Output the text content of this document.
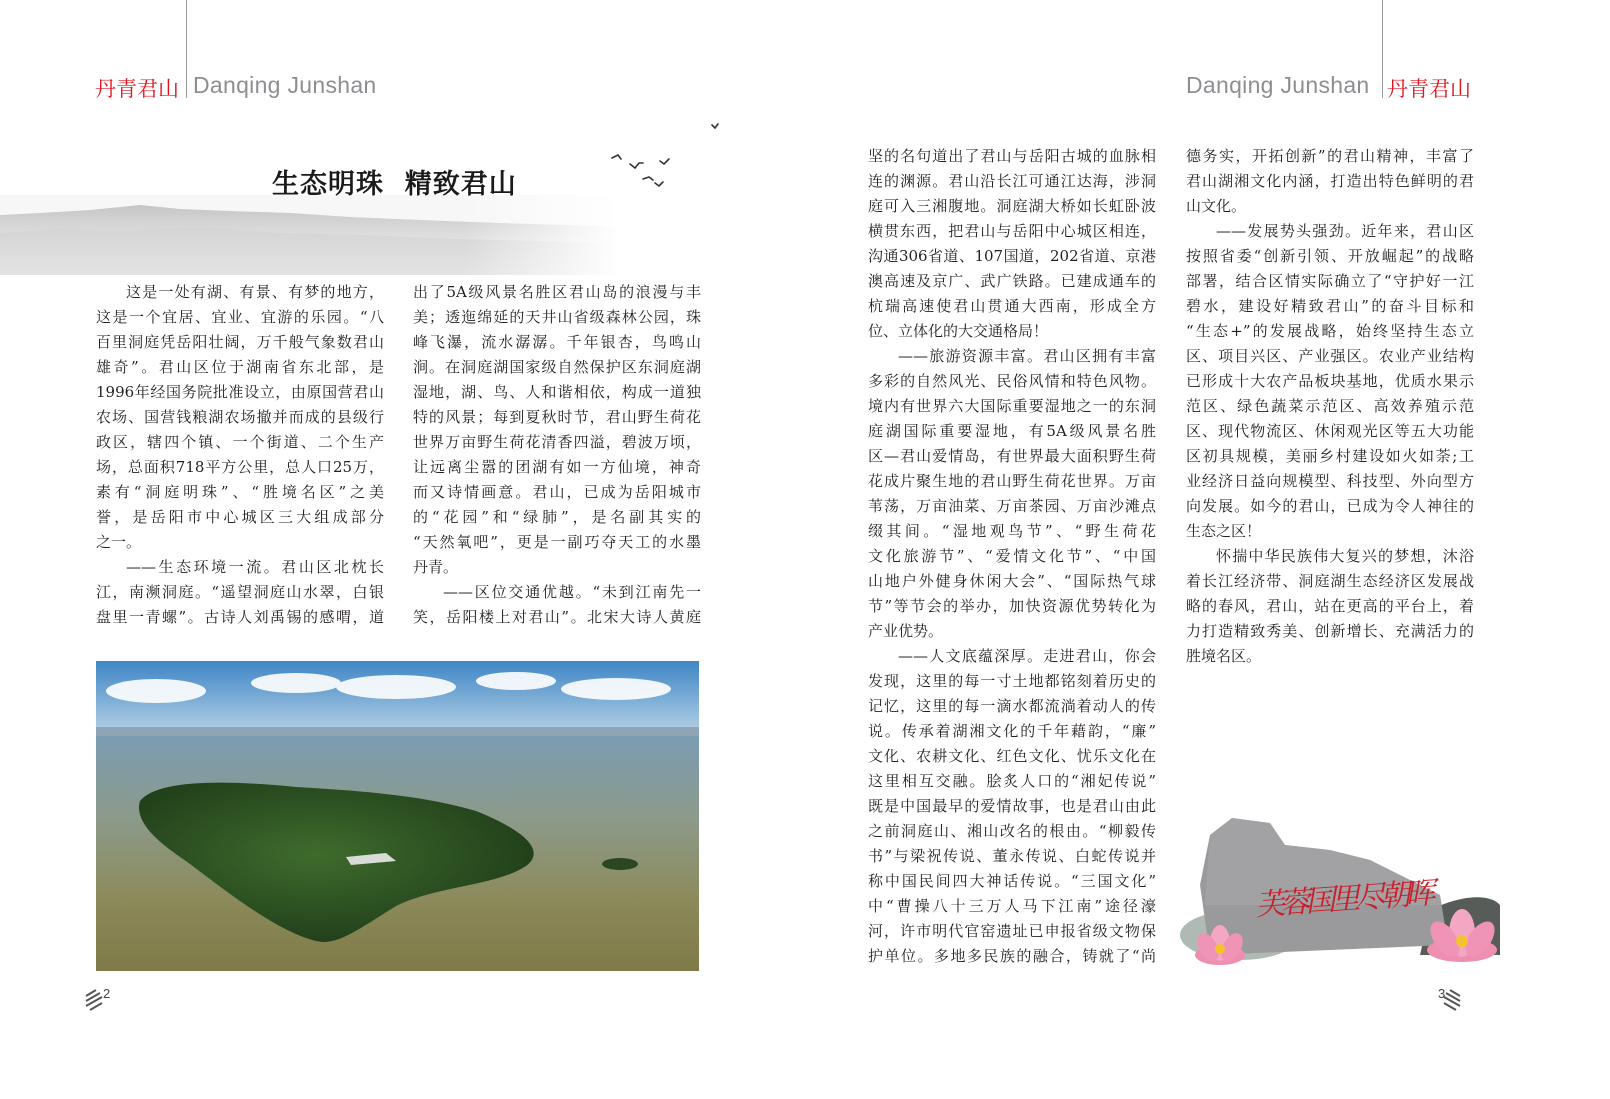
丹青君山 Danqing Junshan	Danqing Junshan 丹青君山
生态明珠  精致君山
这是一处有湖、有景、有梦的地方，
这是一个宜居、宜业、宜游的乐园。“八
百里洞庭凭岳阳壮阔，万千般气象数君山
雄奇”。君山区位于湖南省东北部，是
1996年经国务院批准设立，由原国营君山
农场、国营钱粮湖农场撤并而成的县级行
政区，辖四个镇、一个街道、二个生产
场，总面积718平方公里，总人口25万，
素有“洞庭明珠”、“胜境名区”之美
誉，是岳阳市中心城区三大组成部分
之一。
——生态环境一流。君山区北枕长
江，南濒洞庭。“遥望洞庭山水翠，白银
盘里一青螺”。古诗人刘禹锡的感喟，道
出了5A级风景名胜区君山岛的浪漫与丰
美；透迤绵延的天井山省级森林公园，珠
峰飞瀑，流水潺潺。千年银杏，鸟鸣山
涧。在洞庭湖国家级自然保护区东洞庭湖
湿地，湖、鸟、人和谐相依，构成一道独
特的风景；每到夏秋时节，君山野生荷花
世界万亩野生荷花清香四溢，碧波万顷，
让远离尘嚣的团湖有如一方仙境，神奇
而又诗情画意。君山，已成为岳阳城市
的“花园”和“绿肺”，是名副其实的
“天然氧吧”，更是一副巧夺天工的水墨
丹青。
——区位交通优越。“未到江南先一
笑，岳阳楼上对君山”。北宋大诗人黄庭
坚的名句道出了君山与岳阳古城的血脉相
连的渊源。君山沿长江可通江达海，涉洞
庭可入三湘腹地。洞庭湖大桥如长虹卧波
横贯东西，把君山与岳阳中心城区相连，
沟通306省道、107国道，202省道、京港
澳高速及京广、武广铁路。已建成通车的
杭瑞高速使君山贯通大西南，形成全方
位、立体化的大交通格局！
——旅游资源丰富。君山区拥有丰富
多彩的自然风光、民俗风情和特色风物。
境内有世界六大国际重要湿地之一的东洞
庭湖国际重要湿地，有5A级风景名胜
区—君山爱情岛，有世界最大面积野生荷
花成片聚生地的君山野生荷花世界。万亩
苇荡，万亩油菜、万亩茶园、万亩沙滩点
缀其间。“湿地观鸟节”、“野生荷花
文化旅游节”、“爱情文化节”、“中国
山地户外健身休闲大会”、“国际热气球
节”等节会的举办，加快资源优势转化为
产业优势。
——人文底蕴深厚。走进君山，你会
发现，这里的每一寸土地都铭刻着历史的
记忆，这里的每一滴水都流淌着动人的传
说。传承着湖湘文化的千年藉韵，“廉”
文化、农耕文化、红色文化、忧乐文化在
这里相互交融。脍炙人口的“湘妃传说”
既是中国最早的爱情故事，也是君山由此
之前洞庭山、湘山改名的根由。“柳毅传
书”与梁祝传说、董永传说、白蛇传说并
称中国民间四大神话传说。“三国文化”
中“曹操八十三万人马下江南”途径濠
河，许市明代官窑遗址已申报省级文物保
护单位。多地多民族的融合，铸就了“尚
德务实，开拓创新”的君山精神，丰富了
君山湖湘文化内涵，打造出特色鲜明的君
山文化。
——发展势头强劲。近年来，君山区
按照省委“创新引领、开放崛起”的战略
部署，结合区情实际确立了“守护好一江
碧水，建设好精致君山”的奋斗目标和
“生态+”的发展战略，始终坚持生态立
区、项目兴区、产业强区。农业产业结构
已形成十大农产品板块基地，优质水果示
范区、绿色蔬菜示范区、高效养殖示范
区、现代物流区、休闲观光区等五大功能
区初具规模，美丽乡村建设如火如荼;工
业经济日益向规模型、科技型、外向型方
向发展。如今的君山，已成为令人神往的
生态之区！
怀揣中华民族伟大复兴的梦想，沐浴
着长江经济带、洞庭湖生态经济区发展战
略的春风，君山，站在更高的平台上，着
力打造精致秀美、创新增长、充满活力的
胜境名区。
芙蓉国里尽朝晖
2	3
